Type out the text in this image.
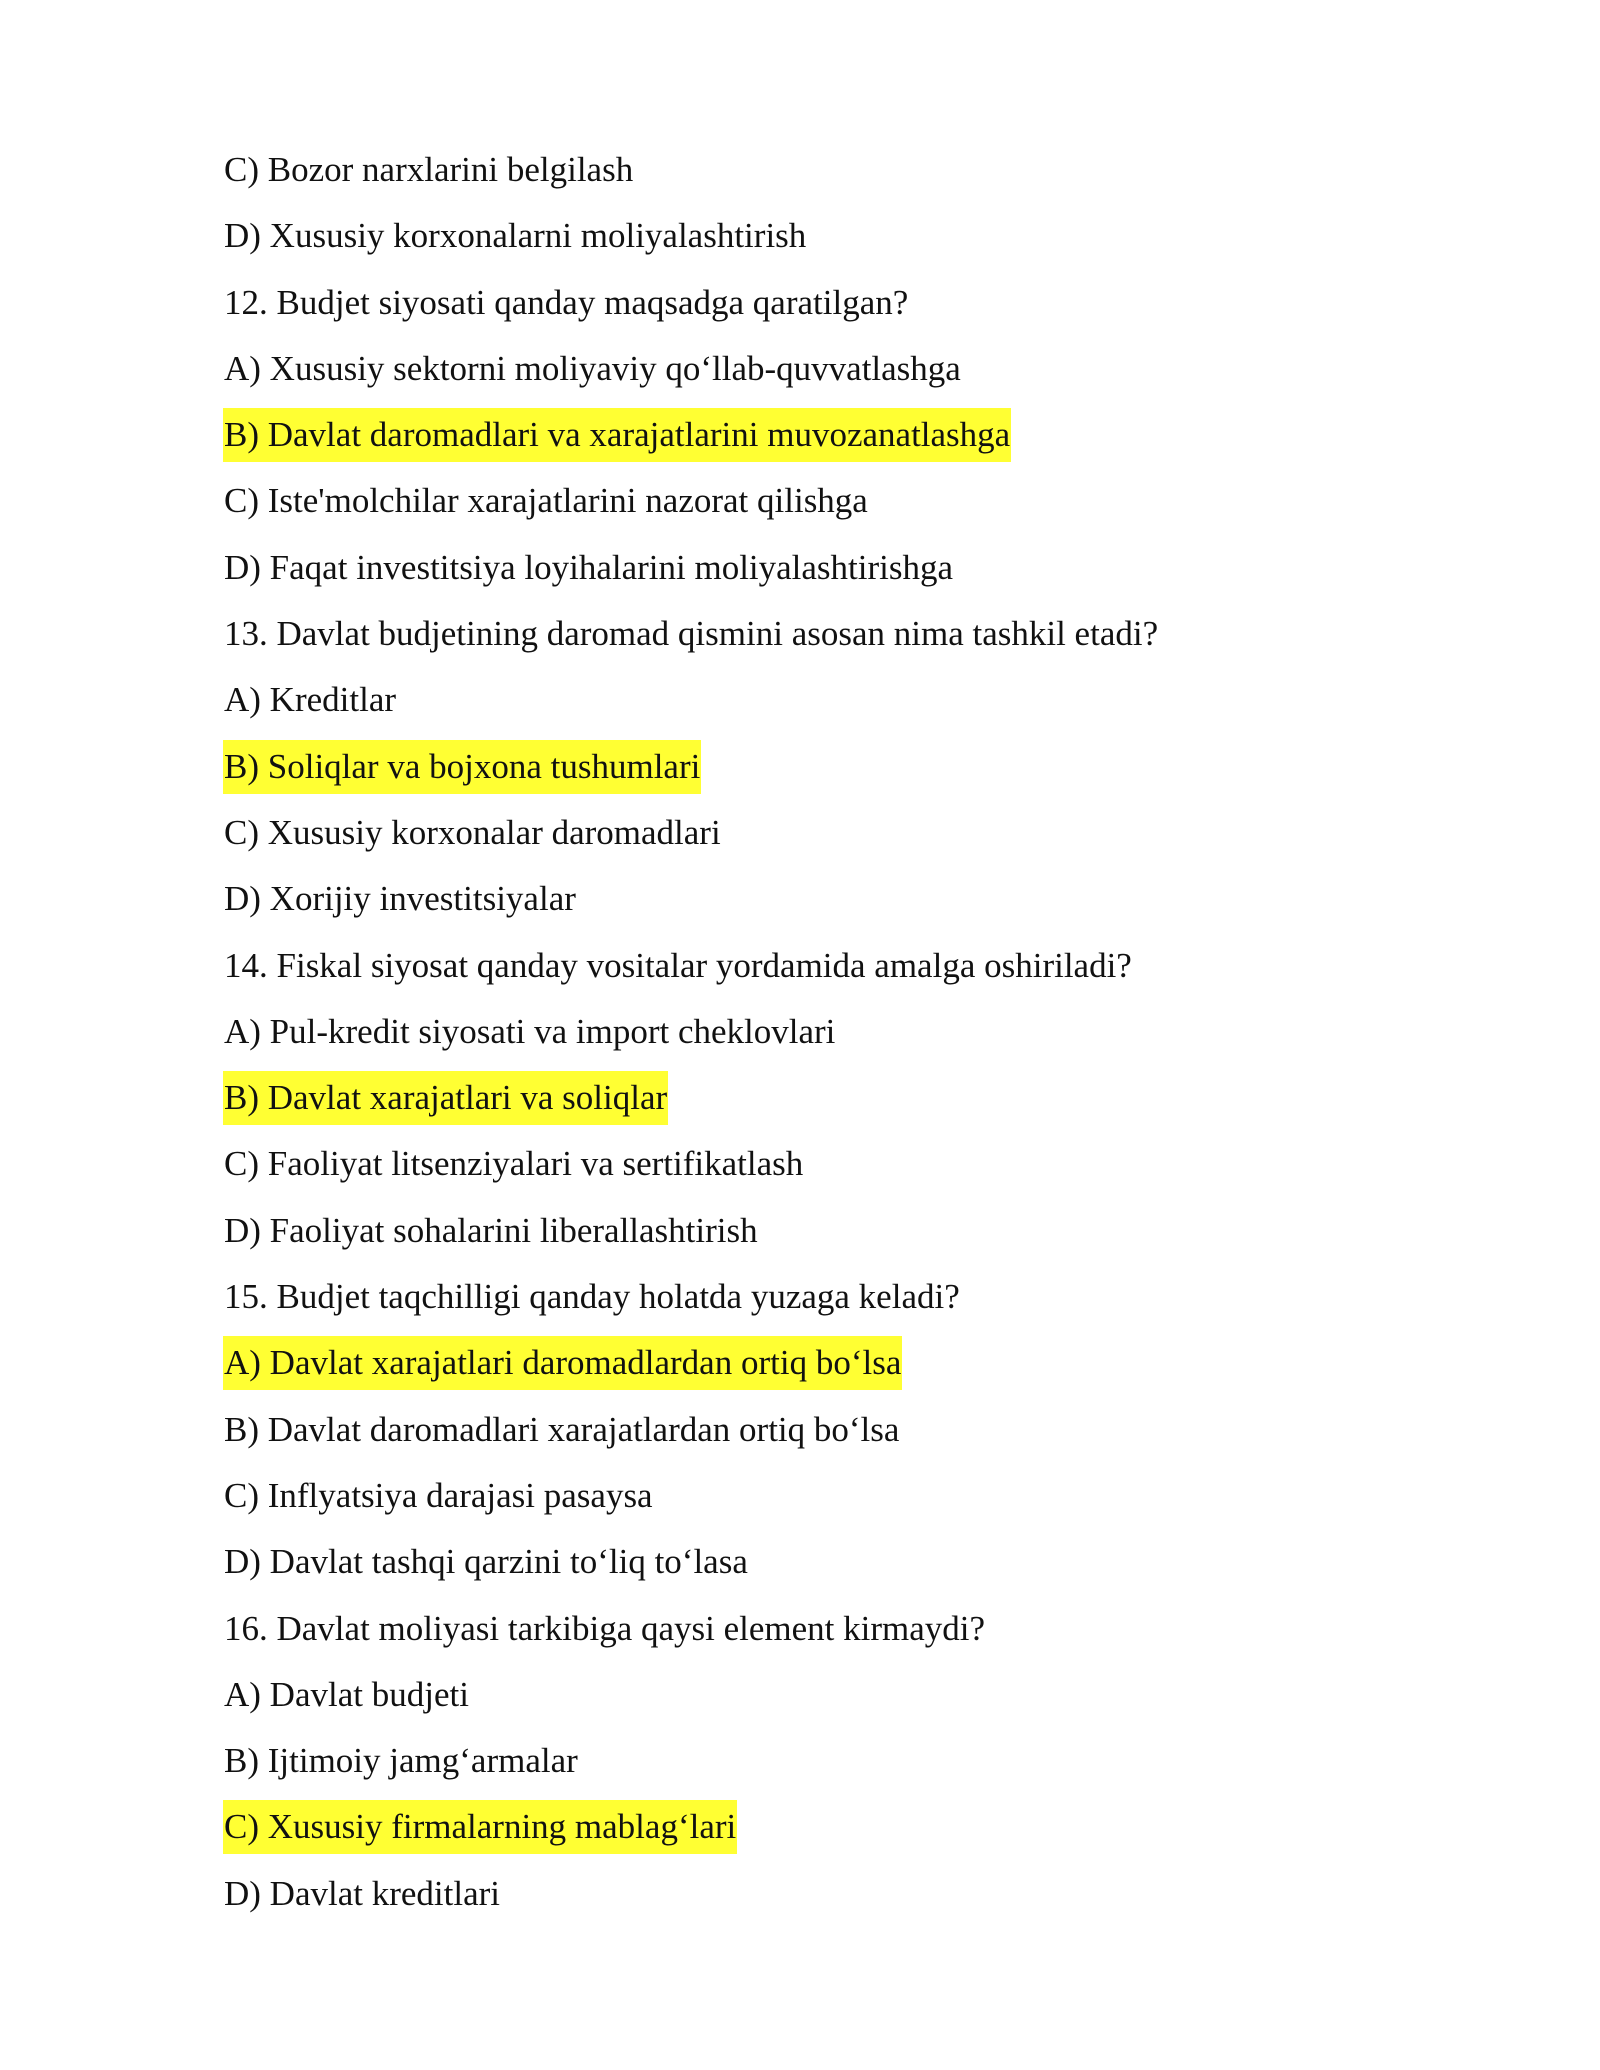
C) Bozor narxlarini belgilash
D) Xususiy korxonalarni moliyalashtirish
12. Budjet siyosati qanday maqsadga qaratilgan?
A) Xususiy sektorni moliyaviy qo‘llab-quvvatlashga
B) Davlat daromadlari va xarajatlarini muvozanatlashga
C) Iste'molchilar xarajatlarini nazorat qilishga
D) Faqat investitsiya loyihalarini moliyalashtirishga
13. Davlat budjetining daromad qismini asosan nima tashkil etadi?
A) Kreditlar
B) Soliqlar va bojxona tushumlari
C) Xususiy korxonalar daromadlari
D) Xorijiy investitsiyalar
14. Fiskal siyosat qanday vositalar yordamida amalga oshiriladi?
A) Pul-kredit siyosati va import cheklovlari
B) Davlat xarajatlari va soliqlar
C) Faoliyat litsenziyalari va sertifikatlash
D) Faoliyat sohalarini liberallashtirish
15. Budjet taqchilligi qanday holatda yuzaga keladi?
A) Davlat xarajatlari daromadlardan ortiq bo‘lsa
B) Davlat daromadlari xarajatlardan ortiq bo‘lsa
C) Inflyatsiya darajasi pasaysa
D) Davlat tashqi qarzini to‘liq to‘lasa
16. Davlat moliyasi tarkibiga qaysi element kirmaydi?
A) Davlat budjeti
B) Ijtimoiy jamg‘armalar
C) Xususiy firmalarning mablag‘lari
D) Davlat kreditlari
